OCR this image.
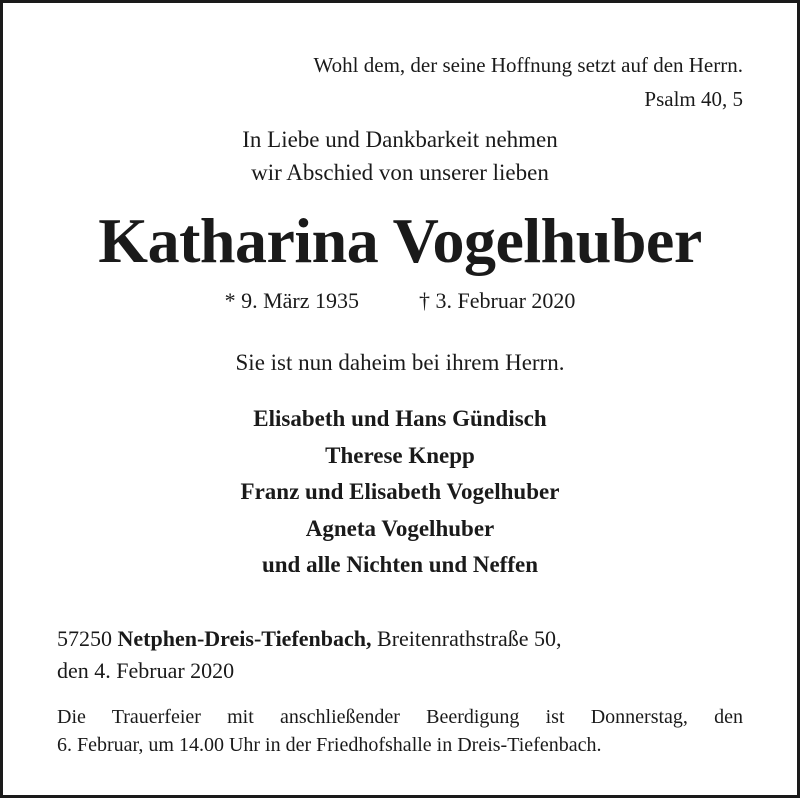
Wohl dem, der seine Hoffnung setzt auf den Herrn.
Psalm 40, 5
In Liebe und Dankbarkeit nehmen
wir Abschied von unserer lieben
Katharina Vogelhuber
* 9. März 1935	† 3. Februar 2020
Sie ist nun daheim bei ihrem Herrn.
Elisabeth und Hans Gündisch
Therese Knepp
Franz und Elisabeth Vogelhuber
Agneta Vogelhuber
und alle Nichten und Neffen
57250 Netphen-Dreis-Tiefenbach, Breitenrathstraße 50,
den 4. Februar 2020
Die Trauerfeier mit anschließender Beerdigung ist Donnerstag, den
6. Februar, um 14.00 Uhr in der Friedhofshalle in Dreis-Tiefenbach.
